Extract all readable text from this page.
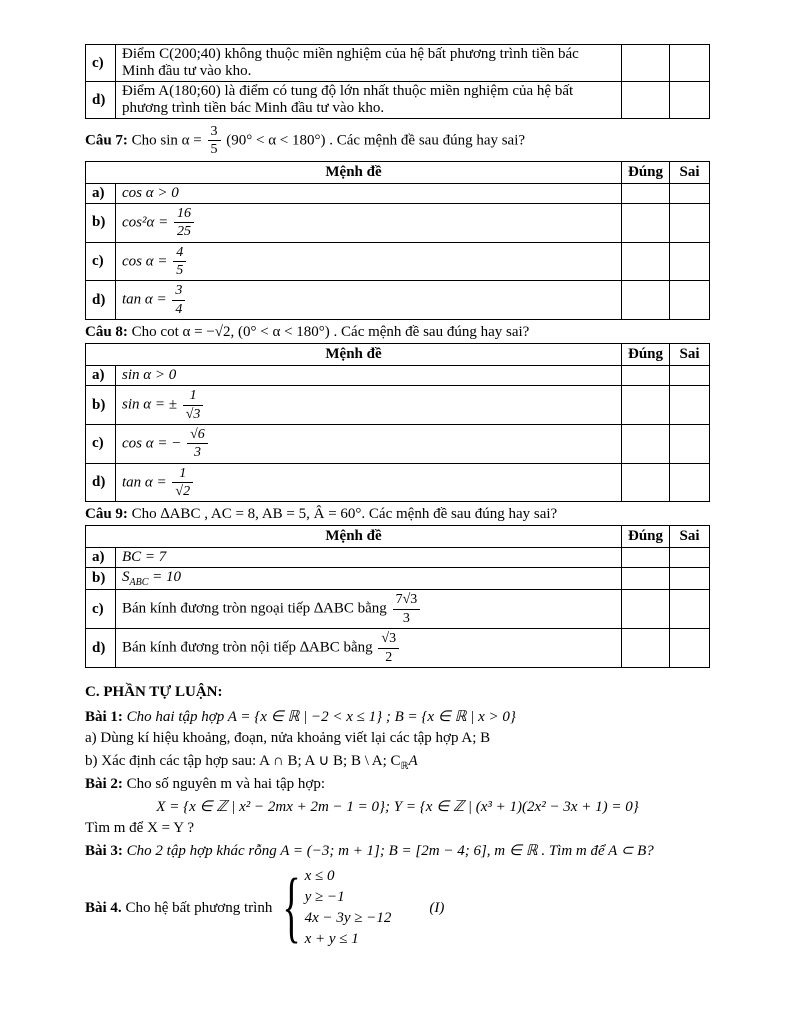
c)	Điểm C(200;40) không thuộc miền nghiệm của hệ bất phương trình tiền bác Minh đầu tư vào kho.		
d)	Điểm A(180;60) là điểm có tung độ lớn nhất thuộc miền nghiệm của hệ bất phương trình tiền bác Minh đầu tư vào kho.		

Câu 7: Cho $\sin \alpha = \frac{3}{5} (90^\circ < \alpha < 180^\circ)$ . Các mệnh đề sau đúng hay sai?

Mệnh đề		Đúng	Sai
a)	cos α > 0		
b)	$\cos^2\alpha = \frac{16}{25}$

c)	$\cos \alpha = \frac{4}{5}$

d)	$\tan \alpha = \frac{3}{4}$

Câu 8: Cho cot α = −√2, (0° < α < 180°) . Các mệnh đề sau đúng hay sai?

Mệnh đề		Đúng	Sai
a)	sin α > 0		
b)	sin α = ± $\frac{1}{√3}$

c)	cos α = − $\frac{√6}{3}$

d)	$\tan \alpha = \frac{1}{√2}$

Câu 9: Cho ∆ABC , AC = 8, AB = 5, Â = 60°. Các mệnh đề sau đúng hay sai?

Mệnh đề		Đúng	Sai
a)	BC = 7		
b)	$S_{ABC} = 10$		
c)	Bán kính đương tròn ngoại tiếp ∆ABC bằng $\frac{7√3}{3}$

d)	Bán kính đương tròn nội tiếp ∆ABC bằng $\frac{√3}{2}$

C. PHẦN TỰ LUẬN:

Bài 1: Cho hai tập hợp A = {x ∈ ℝ | −2 < x ≤ 1} ; B = {x ∈ ℝ | x > 0}

a) Dùng kí hiệu khoảng, đoạn, nửa khoảng viết lại các tập hợp A; B

b) Xác định các tập hợp sau: A ∩ B; A ∪ B; B \ A; $C_ℝA$

Bài 2: Cho số nguyên m và hai tập hợp:

X = {x ∈ ℤ | x² − 2mx + 2m − 1 = 0}; Y = {x ∈ ℤ | (x³ + 1)(2x² − 3x + 1) = 0}

Tìm m để X = Y ?

Bài 3: Cho 2 tập hợp khác rỗng A = (−3; m + 1]; B = [2m − 4; 6], m ∈ ℝ . Tìm m để A ⊂ B?

Bài 4. Cho hệ bất phương trình { x ≤ 0
y ≥ −1
4x − 3y ≥ −12
x + y ≤ 1
(I)
